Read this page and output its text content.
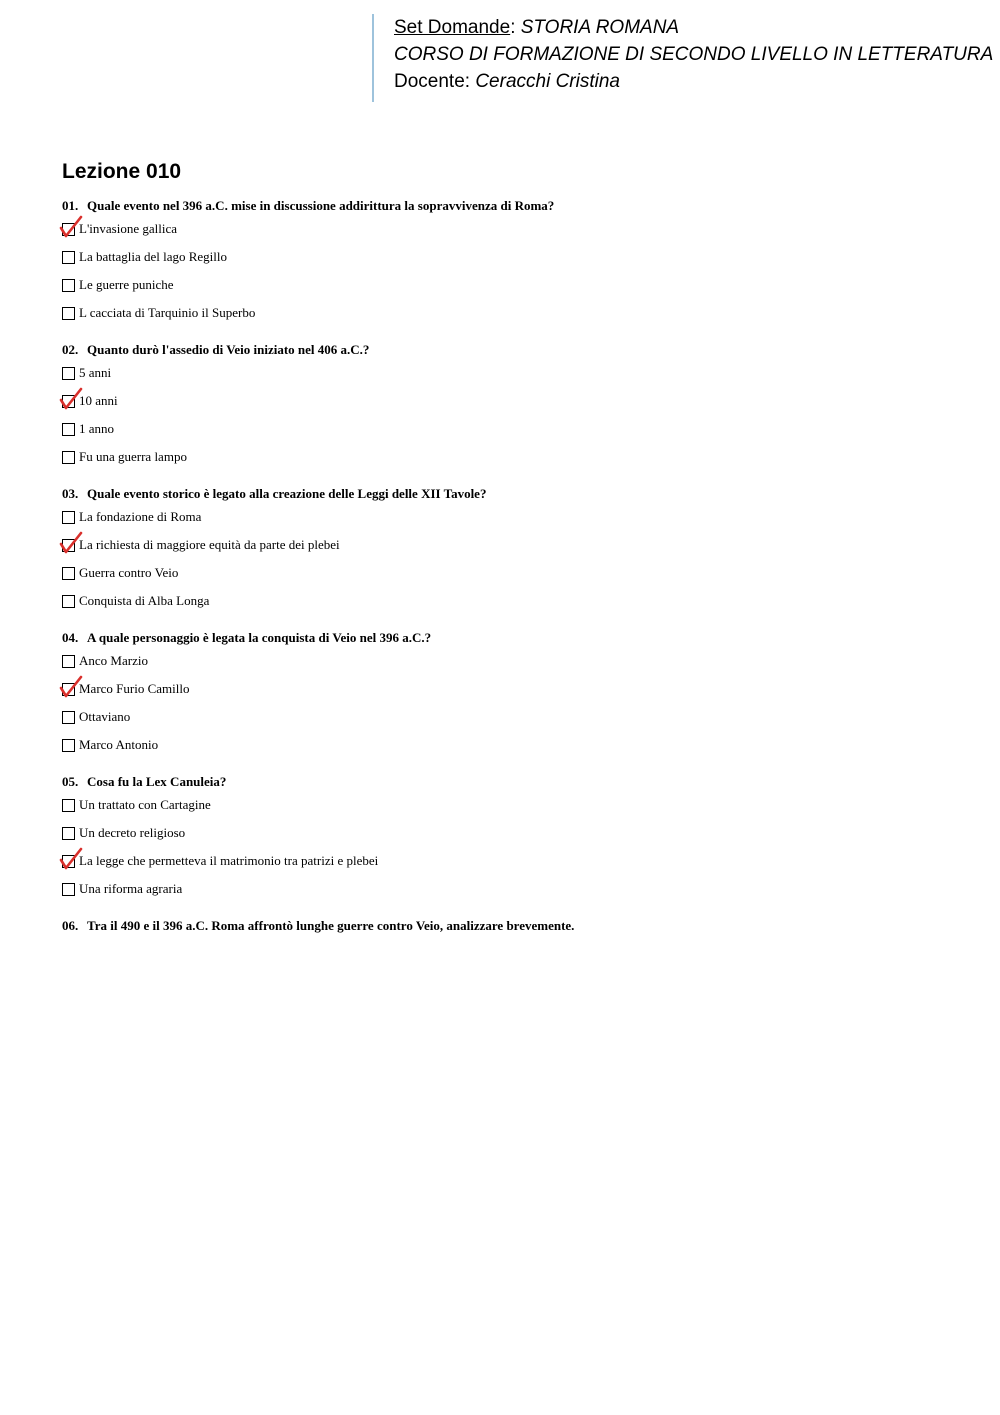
Set Domande: STORIA ROMANA
CORSO DI FORMAZIONE DI SECONDO LIVELLO IN LETTERATURA
Docente: Ceracchi Cristina
Lezione 010
01. Quale evento nel 396 a.C. mise in discussione addirittura la sopravvivenza di Roma?
L'invasione gallica
La battaglia del lago Regillo
Le guerre puniche
L cacciata di Tarquinio il Superbo
02. Quanto durò l'assedio di Veio iniziato nel 406 a.C.?
5 anni
10 anni
1 anno
Fu una guerra lampo
03. Quale evento storico è legato alla creazione delle Leggi delle XII Tavole?
La fondazione di Roma
La richiesta di maggiore equità da parte dei plebei
Guerra contro Veio
Conquista di Alba Longa
04. A quale personaggio è legata la conquista di Veio nel 396 a.C.?
Anco Marzio
Marco Furio Camillo
Ottaviano
Marco Antonio
05. Cosa fu la Lex Canuleia?
Un trattato con Cartagine
Un decreto religioso
La legge che permetteva il matrimonio tra patrizi e plebei
Una riforma agraria
06. Tra il 490 e il 396 a.C. Roma affrontò lunghe guerre contro Veio, analizzare brevemente.
